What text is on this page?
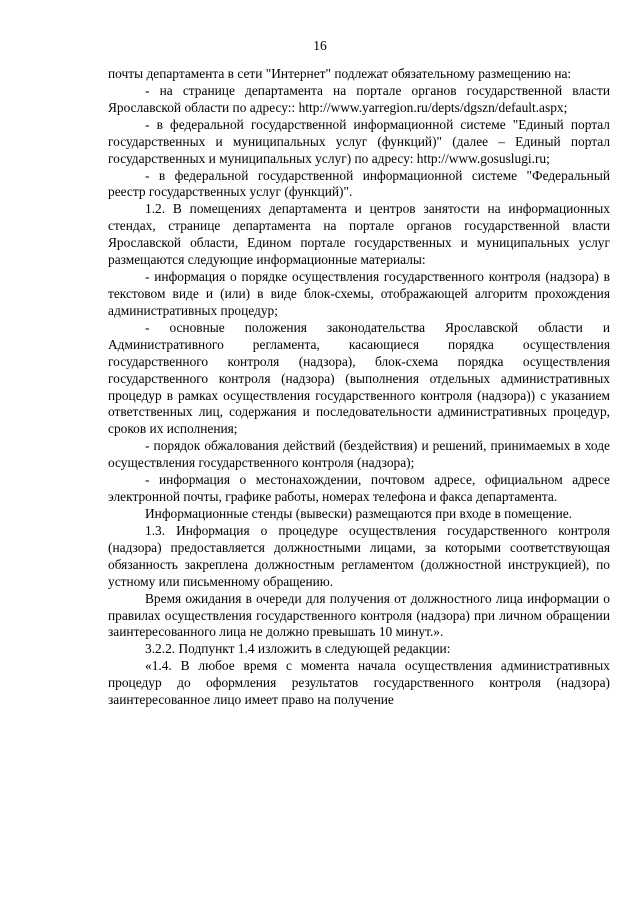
16

почты департамента в сети "Интернет" подлежат обязательному размещению на:

- на странице департамента на портале органов государственной власти Ярославской области по адресу:: http://www.yarregion.ru/depts/dgszn/default.aspx;

- в федеральной государственной информационной системе "Единый портал государственных и муниципальных услуг (функций)" (далее – Единый портал государственных и муниципальных услуг) по адресу: http://www.gosuslugi.ru;

- в федеральной государственной информационной системе "Федеральный реестр государственных услуг (функций)".

1.2. В помещениях департамента и центров занятости на информационных стендах, странице департамента на портале органов государственной власти Ярославской области, Едином портале государственных и муниципальных услуг размещаются следующие информационные материалы:

- информация о порядке осуществления государственного контроля (надзора) в текстовом виде и (или) в виде блок-схемы, отображающей алгоритм прохождения административных процедур;

- основные положения законодательства Ярославской области и Административного регламента, касающиеся порядка осуществления государственного контроля (надзора), блок-схема порядка осуществления государственного контроля (надзора) (выполнения отдельных административных процедур в рамках осуществления государственного контроля (надзора)) с указанием ответственных лиц, содержания и последовательности административных процедур, сроков их исполнения;

- порядок обжалования действий (бездействия) и решений, принимаемых в ходе осуществления государственного контроля (надзора);

- информация о местонахождении, почтовом адресе, официальном адресе электронной почты, графике работы, номерах телефона и факса департамента.

Информационные стенды (вывески) размещаются при входе в помещение.

1.3. Информация о процедуре осуществления государственного контроля (надзора) предоставляется должностными лицами, за которыми соответствующая обязанность закреплена должностным регламентом (должностной инструкцией), по устному или письменному обращению.

Время ожидания в очереди для получения от должностного лица информации о правилах осуществления государственного контроля (надзора) при личном обращении заинтересованного лица не должно превышать 10 минут.».

3.2.2. Подпункт 1.4 изложить в следующей редакции:

«1.4. В любое время с момента начала осуществления административных процедур до оформления результатов государственного контроля (надзора) заинтересованное лицо имеет право на получение
